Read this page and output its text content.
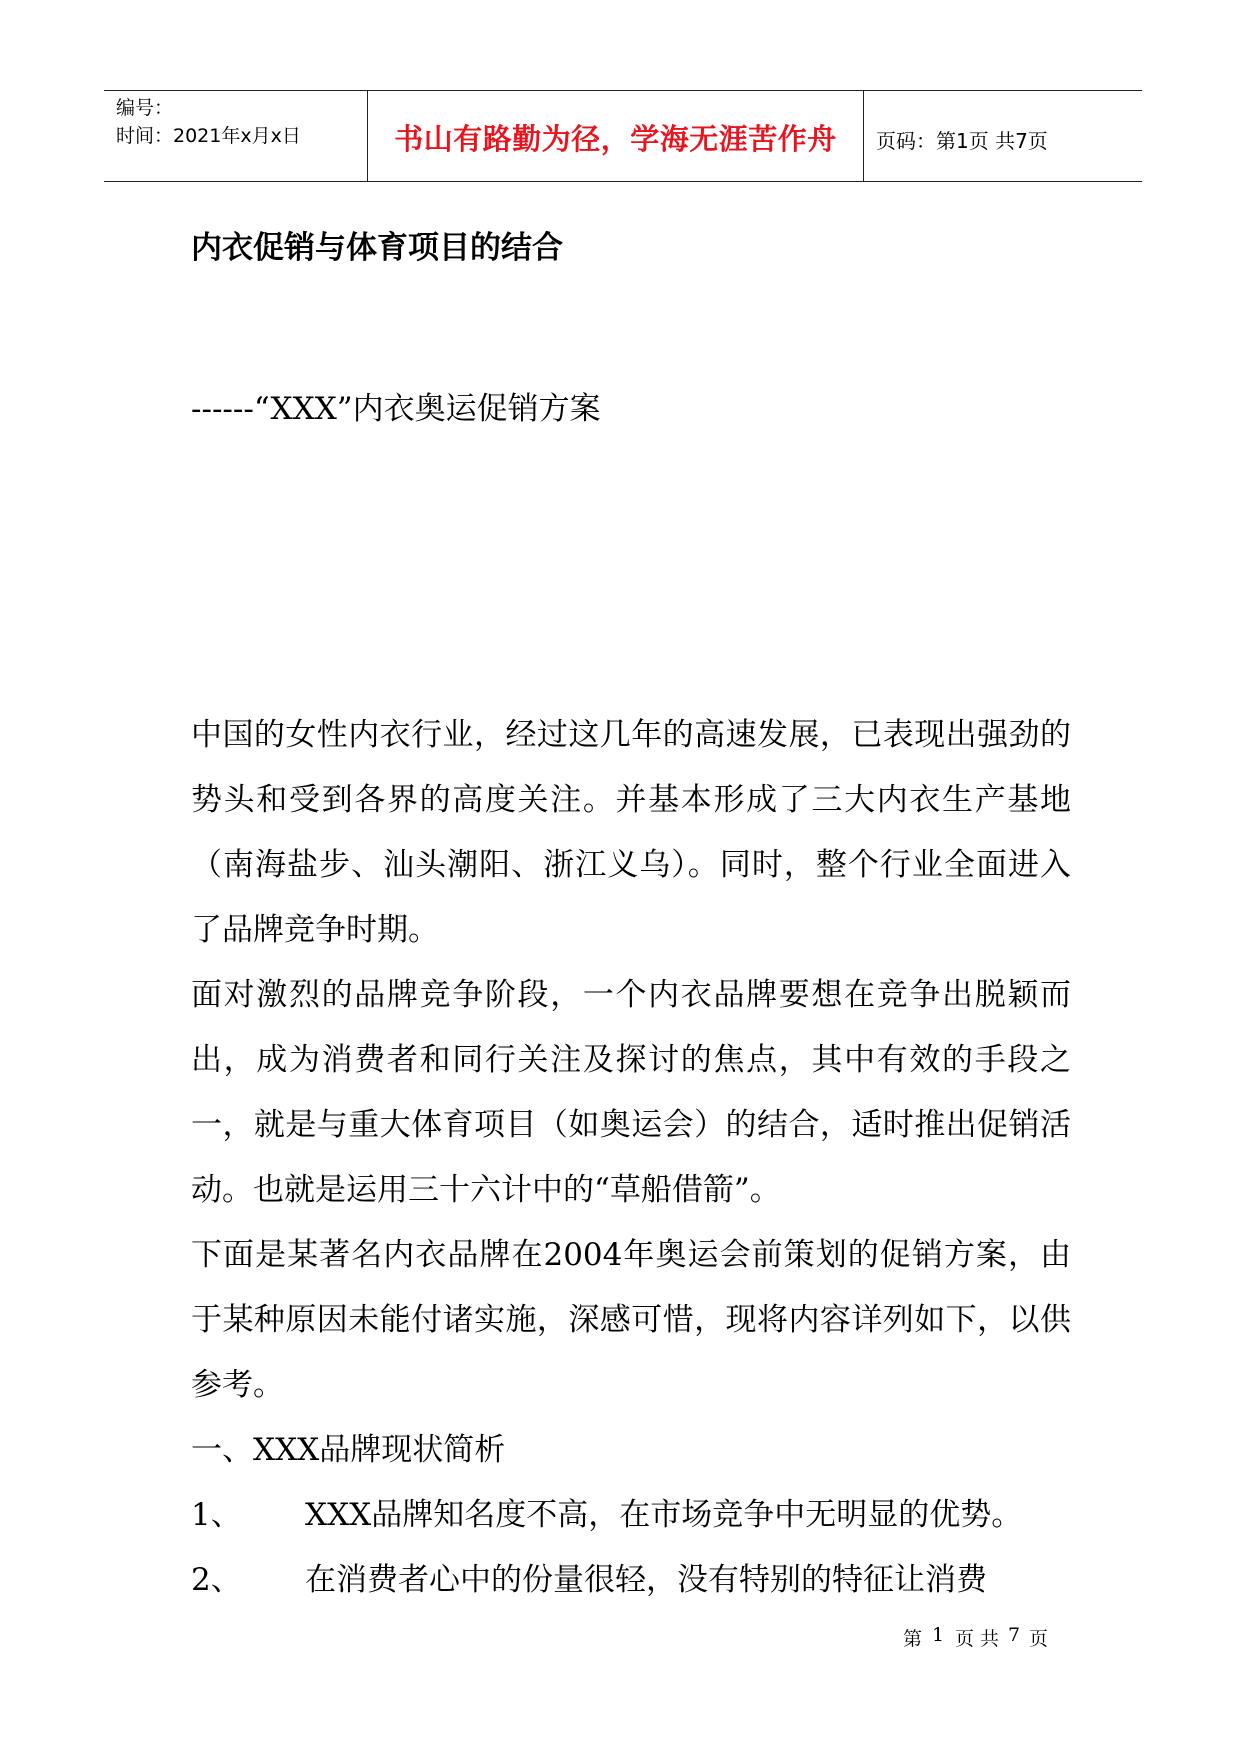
编号：
时间：2021年x月x日	书山有路勤为径，学海无涯苦作舟	页码：第1页 共7页
内衣促销与体育项目的结合
------“XXX”内衣奥运促销方案

中国的女性内衣行业，经过这几年的高速发展，已表现出强劲的势头和受到各界的高度关注。并基本形成了三大内衣生产基地（南海盐步、汕头潮阳、浙江义乌）。同时，整个行业全面进入了品牌竞争时期。

面对激烈的品牌竞争阶段，一个内衣品牌要想在竞争出脱颖而出，成为消费者和同行关注及探讨的焦点，其中有效的手段之一，就是与重大体育项目（如奥运会）的结合，适时推出促销活动。也就是运用三十六计中的“草船借箭”。

下面是某著名内衣品牌在2004年奥运会前策划的促销方案，由于某种原因未能付诸实施，深感可惜，现将内容详列如下，以供参考。

一、XXX品牌现状简析

1、 XXX品牌知名度不高，在市场竞争中无明显的优势。

2、 在消费者心中的份量很轻，没有特别的特征让消费

第 1 页 共 7 页
